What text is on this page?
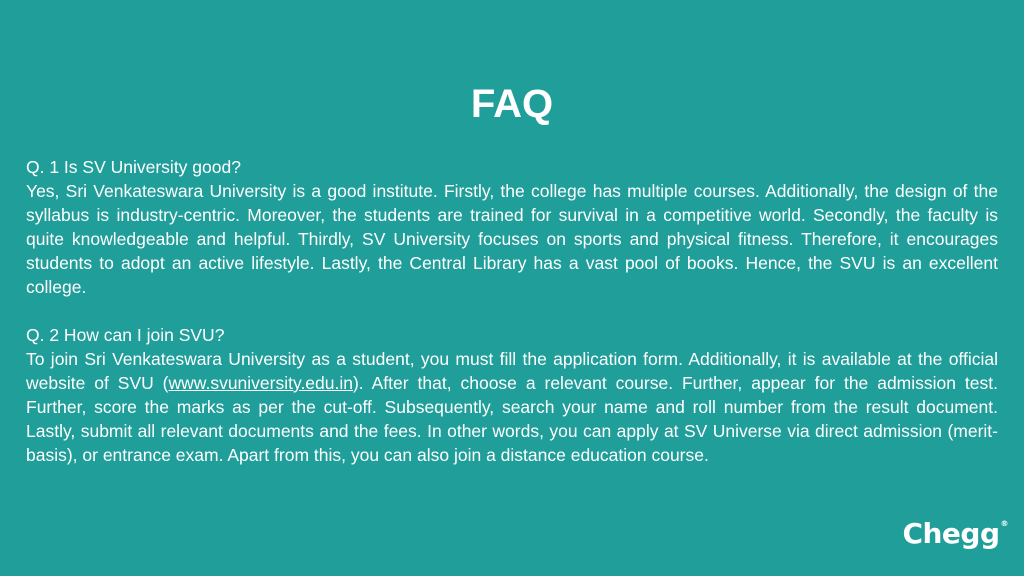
FAQ

Q. 1 Is SV University good?

Yes, Sri Venkateswara University is a good institute. Firstly, the college has multiple courses. Additionally, the design of the syllabus is industry-centric. Moreover, the students are trained for survival in a competitive world. Secondly, the faculty is quite knowledgeable and helpful. Thirdly, SV University focuses on sports and physical fitness. Therefore, it encourages students to adopt an active lifestyle. Lastly, the Central Library has a vast pool of books. Hence, the SVU is an excellent college.

Q. 2 How can I join SVU?

To join Sri Venkateswara University as a student, you must fill the application form. Additionally, it is available at the official website of SVU (www.svuniversity.edu.in). After that, choose a relevant course. Further, appear for the admission test. Further, score the marks as per the cut-off. Subsequently, search your name and roll number from the result document. Lastly, submit all relevant documents and the fees. In other words, you can apply at SV Universe via direct admission (merit-basis), or entrance exam. Apart from this, you can also join a distance education course.

Chegg®
